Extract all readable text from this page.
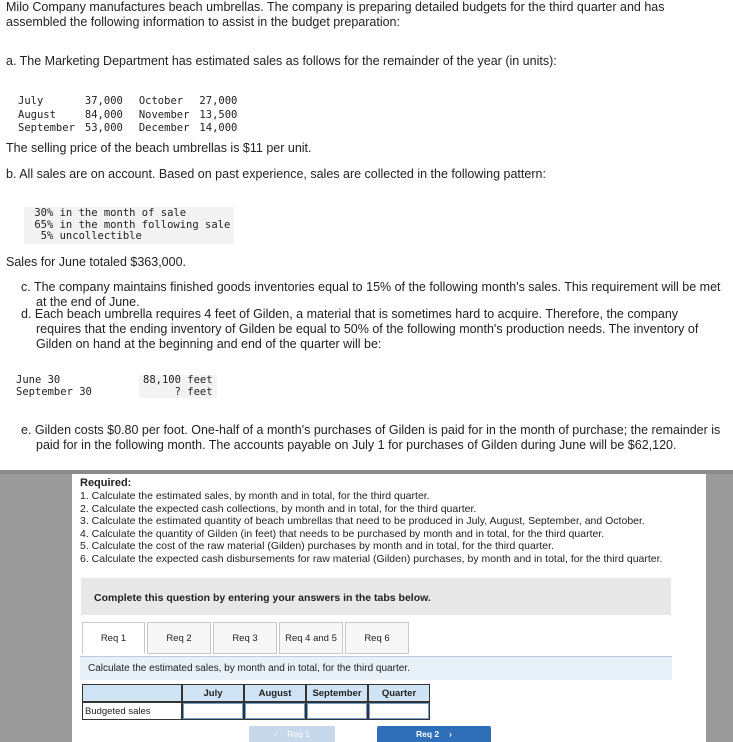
Milo Company manufactures beach umbrellas. The company is preparing detailed budgets for the third quarter and has assembled the following information to assist in the budget preparation:
a. The Marketing Department has estimated sales as follows for the remainder of the year (in units):
July	37,000	October	27,000
August	84,000	November	13,500
September	53,000	December	14,000
The selling price of the beach umbrellas is $11 per unit.
b. All sales are on account. Based on past experience, sales are collected in the following pattern:
30% in the month of sale
65% in the month following sale
5% uncollectible
Sales for June totaled $363,000.
c. The company maintains finished goods inventories equal to 15% of the following month's sales. This requirement will be met at the end of June.
d. Each beach umbrella requires 4 feet of Gilden, a material that is sometimes hard to acquire. Therefore, the company requires that the ending inventory of Gilden be equal to 50% of the following month's production needs. The inventory of Gilden on hand at the beginning and end of the quarter will be:
June 30	88,100 feet
September 30	? feet
e. Gilden costs $0.80 per foot. One-half of a month's purchases of Gilden is paid for in the month of purchase; the remainder is paid for in the following month. The accounts payable on July 1 for purchases of Gilden during June will be $62,120.
Required:
1. Calculate the estimated sales, by month and in total, for the third quarter.
2. Calculate the expected cash collections, by month and in total, for the third quarter.
3. Calculate the estimated quantity of beach umbrellas that need to be produced in July, August, September, and October.
4. Calculate the quantity of Gilden (in feet) that needs to be purchased by month and in total, for the third quarter.
5. Calculate the cost of the raw material (Gilden) purchases by month and in total, for the third quarter.
6. Calculate the expected cash disbursements for raw material (Gilden) purchases, by month and in total, for the third quarter.
Complete this question by entering your answers in the tabs below.
Req 1	Req 2	Req 3	Req 4 and 5	Req 6
Calculate the estimated sales, by month and in total, for the third quarter.
July	August	September	Quarter
Budgeted sales
‹ Req 1	Req 2 ›
